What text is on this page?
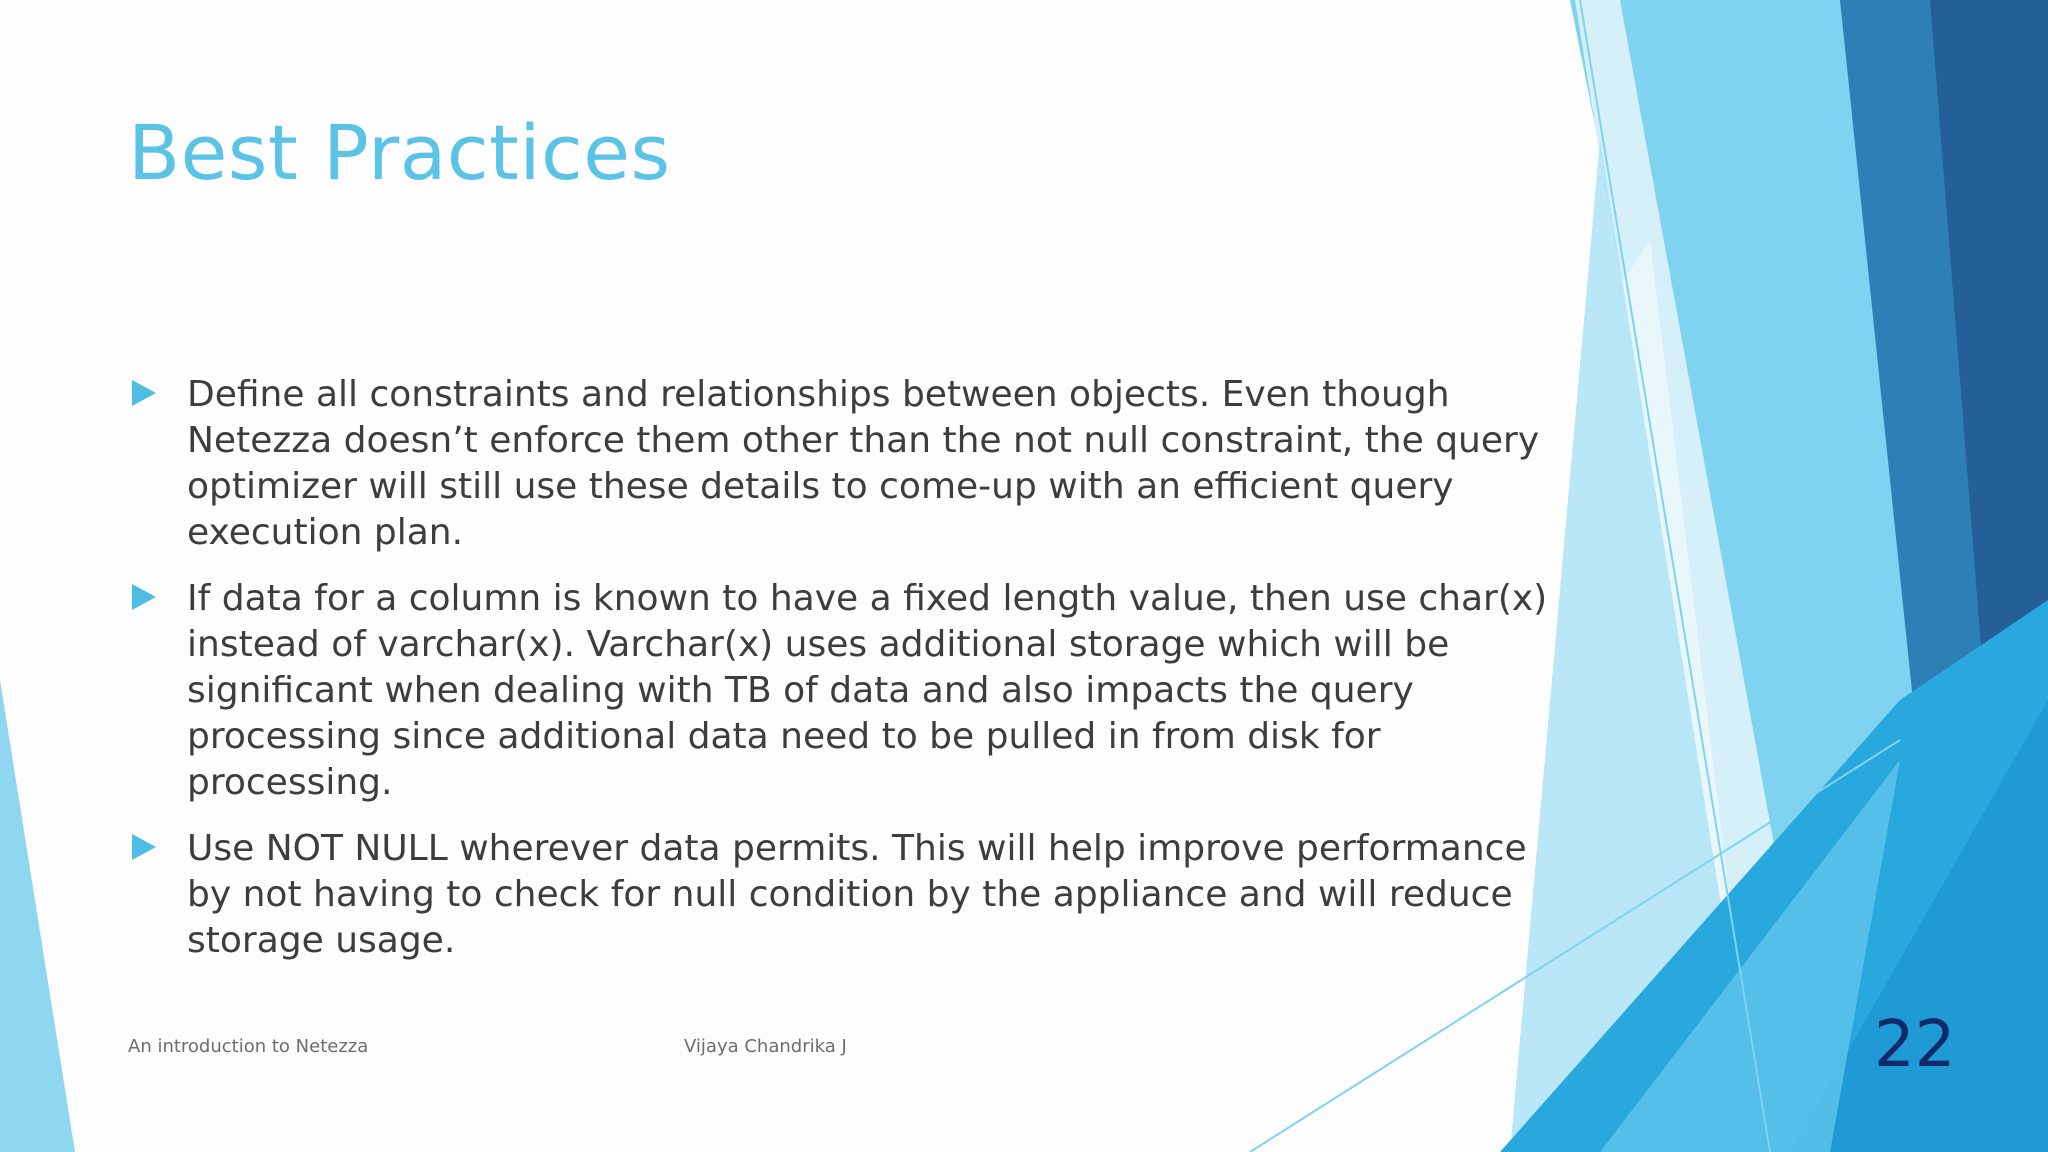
Best Practices
Define all constraints and relationships between objects. Even though Netezza doesn’t enforce them other than the not null constraint, the query optimizer will still use these details to come-up with an efficient query execution plan.
If data for a column is known to have a fixed length value, then use char(x) instead of varchar(x). Varchar(x) uses additional storage which will be significant when dealing with TB of data and also impacts the query processing since additional data need to be pulled in from disk for processing.
Use NOT NULL wherever data permits. This will help improve performance by not having to check for null condition by the appliance and will reduce storage usage.
An introduction to Netezza	Vijaya Chandrika J	22
